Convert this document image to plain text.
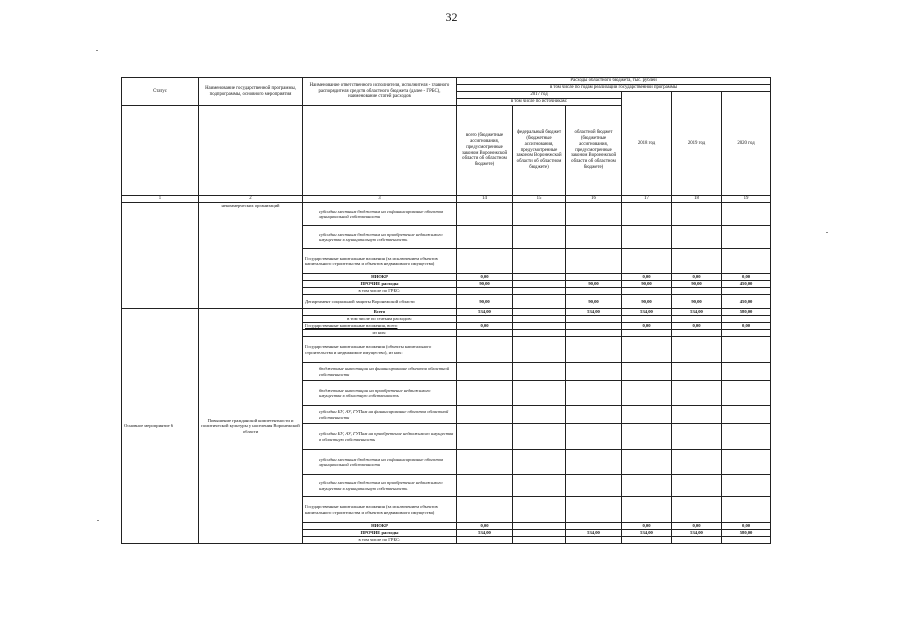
32
Статус	Наименование государственной программы, подпрограммы, основного мероприятия	Наименование ответственного исполнителя, исполнителя - главного распорядителя средств областного бюджета (далее - ГРБС), наименование статей расходов	Расходы областного бюджета, тыс. рублей					
			в том числе по годам реализации государственной программы					
			2017 год			2018 год	2019 год	2020 год
			в том числе по источникам:					
			всего (бюджетные ассигнования, предусмотренные законом Воронежской области об областном бюджете)	федеральный бюджет (бюджетные ассигнования, предусмотренные законом Воронежской области об областном бюджете)	областной бюджет (бюджетные ассигнования, предусмотренные законом Воронежской области об областном бюджете)			
1	2	3	14	15	16	17	18	19
	некоммерческих организаций	субсидии местным бюджетам на софинансирование объектов муниципальной собственности						
		субсидии местным бюджетам на приобретение недвижимого имущества в муниципальную собственность						
		Государственные капитальные вложения (за исключением объектов капитального строительства и объектов недвижимого имущества)						
		НИОКР	0,00			0,00	0,00	0,00
		ПРОЧИЕ расходы	90,00		90,00	90,00	90,00	450,00
		в том числе по ГРБС:						
		Департамент социальной защиты Воронежской области	90,00		90,00	90,00	90,00	450,00
Основное мероприятие 6	Повышение гражданской компетентности и политической культуры у населения Воронежской области	Всего	534,00		534,00	534,00	534,00	580,00
		в том числе по статьям расходов:						
		Государственные капитальные вложения, всего	0,00			0,00	0,00	0,00
		из них:						
		Государственные капитальные вложения (объекты капитального строительства и недвижимое имущество), из них:						
		бюджетные инвестиции на финансирование объектов областной собственности						
		бюджетные инвестиции на приобретение недвижимого имущества в областную собственность						
		субсидии БУ, АУ, ГУПам на финансирование объектов областной собственности						
		субсидии БУ, АУ, ГУПам на приобретение недвижимого имущества в областную собственность						
		субсидии местным бюджетам на софинансирование объектов муниципальной собственности						
		субсидии местным бюджетам на приобретение недвижимого имущества в муниципальную собственность						
		Государственные капитальные вложения (за исключением объектов капитального строительства и объектов недвижимого имущества)						
		НИОКР	0,00			0,00	0,00	0,00
		ПРОЧИЕ расходы	534,00		534,00	534,00	534,00	580,00
		в том числе по ГРБС:						
